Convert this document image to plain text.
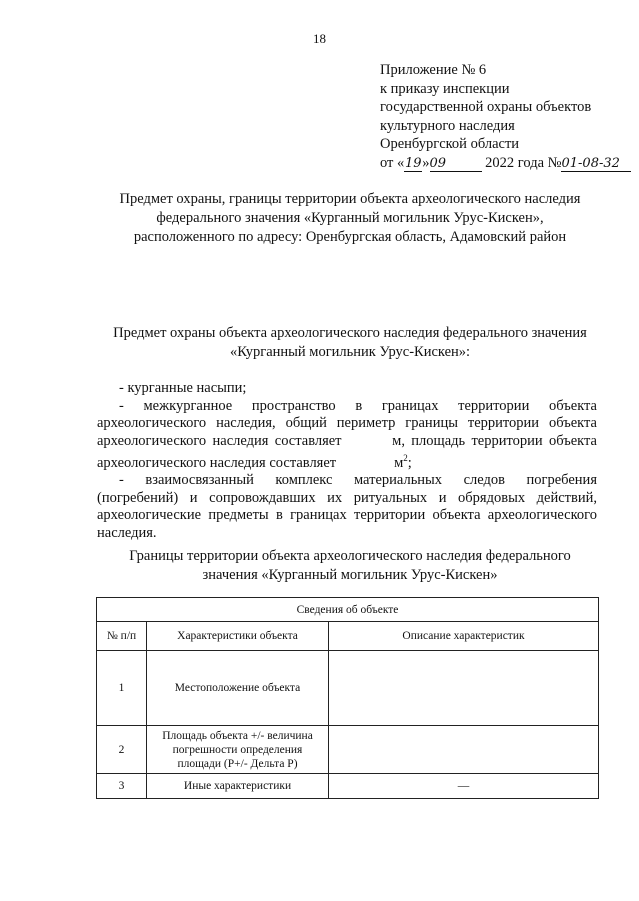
18
Приложение № 6
к приказу инспекции
государственной охраны объектов
культурного наследия
Оренбургской области
от «19»09	2022 года №01-08-32
Предмет охраны, границы территории объекта археологического наследия
федерального значения «Курганный могильник Урус-Кискен»,
расположенного по адресу: Оренбургская область, Адамовский район
Предмет охраны объекта археологического наследия федерального значения
«Курганный могильник Урус-Кискен»:

- курганные насыпи;

- межкурганное пространство в границах территории объекта

археологического наследия, общий периметр границы территории объекта

археологического наследия составляет        м, площадь территории объекта

археологического наследия составляет                $м^2$;

- взаимосвязанный комплекс материальных следов погребения

(погребений) и сопровождавших их ритуальных и обрядовых действий,

археологические предметы в границах территории объекта археологического

наследия.

Границы территории объекта археологического наследия федерального
значения «Курганный могильник Урус-Кискен»
Сведения об объекте		
№ п/п	Характеристики объекта	Описание характеристик
1	Местоположение объекта	
2	Площадь объекта +/- величина погрешности определения площади (P+/- Дельта P)	
3	Иные характеристики	—
